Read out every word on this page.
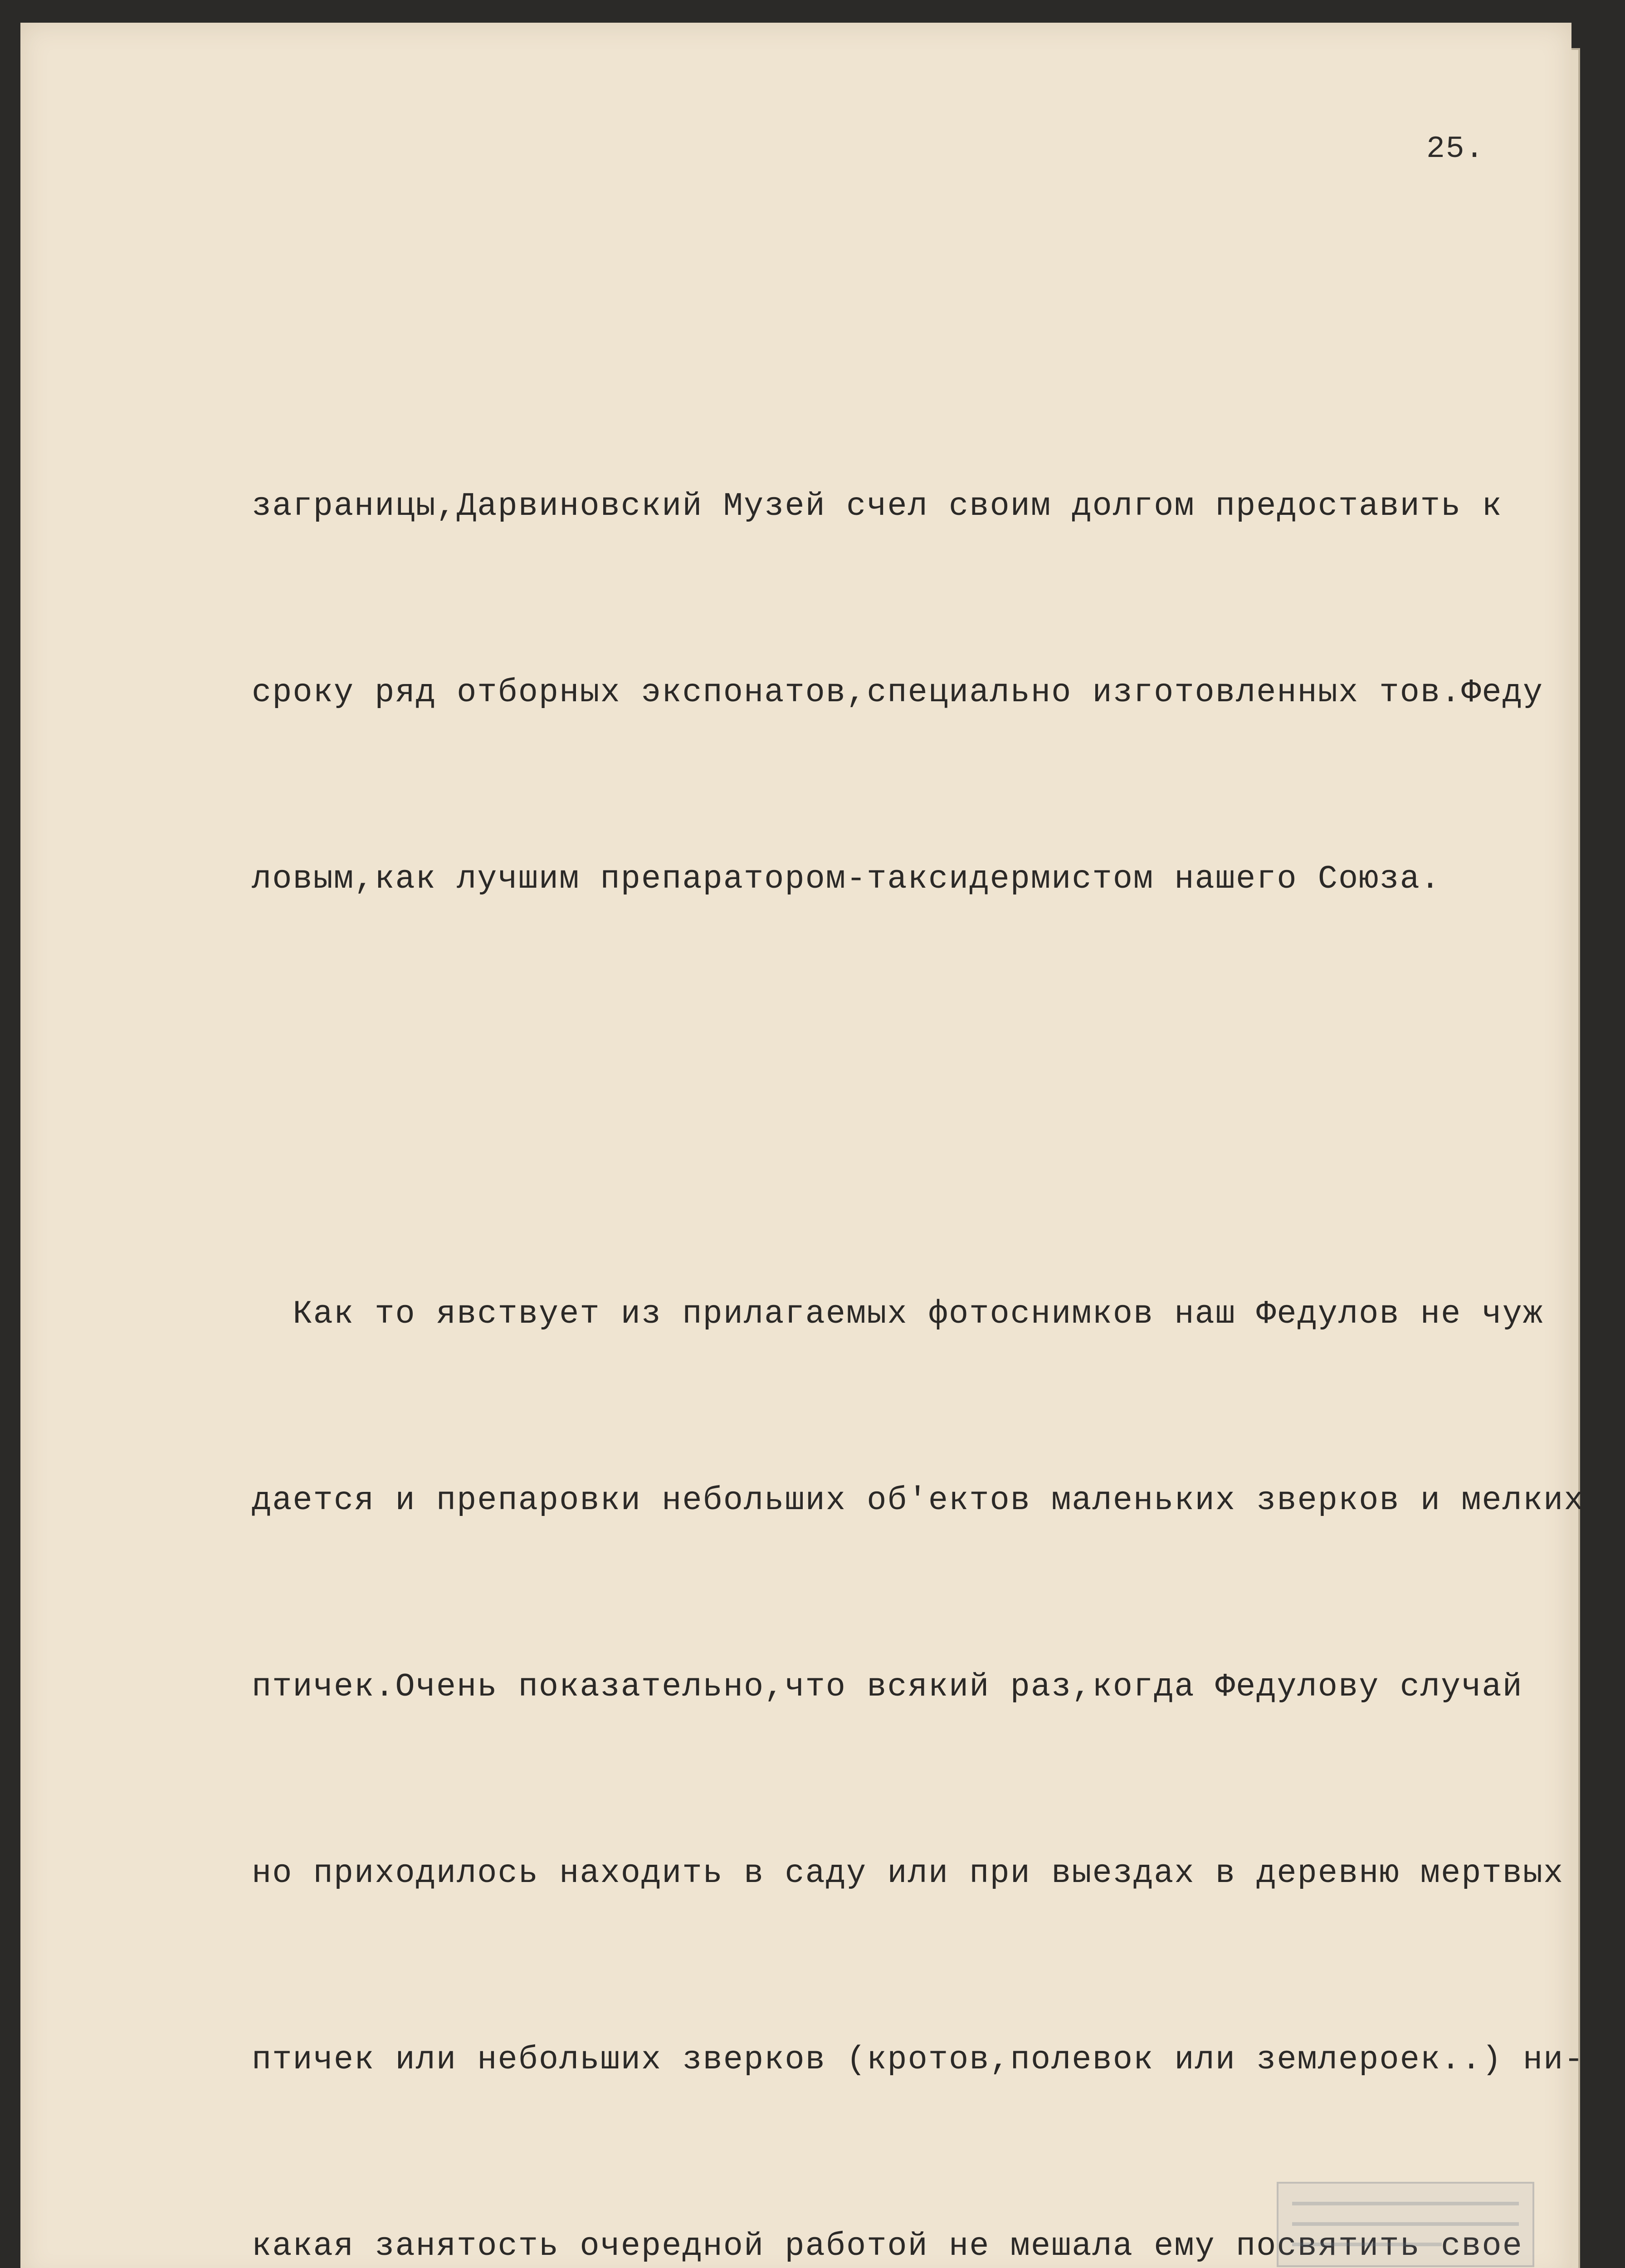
25.

заграницы,Дарвиновский Музей счел своим долгом предоставить к

сроку ряд отборных экспонатов,специально изготовленных тов.Феду

ловым,как лучшим препаратором-таксидермистом нашего Союза.

Как то явствует из прилагаемых фотоснимков наш Федулов не чуж

дается и препаровки небольших об'ектов маленьких зверков и мелких

птичек.Очень показательно,что всякий раз,когда Федулову случай

но приходилось находить в саду или при выездах в деревню мертвых

птичек или небольших зверков (кротов,полевок или землероек..) ни-

какая занятость очередной работой не мешала ему посвятить свое
